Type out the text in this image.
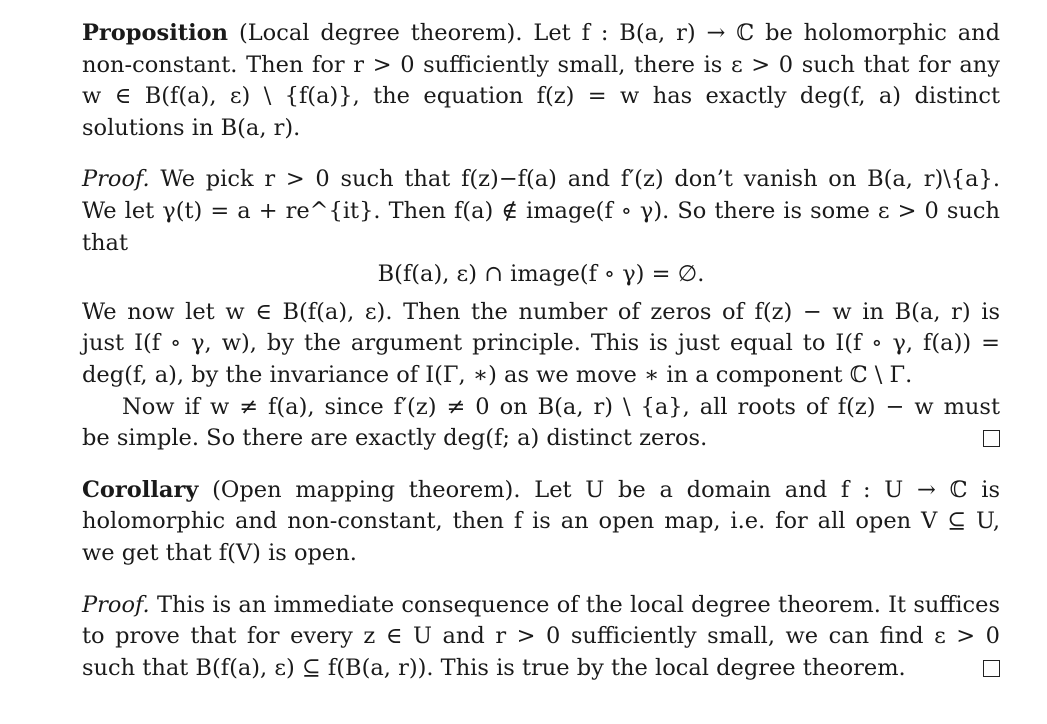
Proposition (Local degree theorem). Let f : B(a, r) → ℂ be holomorphic and
non-constant. Then for r > 0 sufficiently small, there is ε > 0 such that for any
w ∈ B(f(a), ε) \ {f(a)}, the equation f(z) = w has exactly deg(f, a) distinct
solutions in B(a, r).
Proof. We pick r > 0 such that f(z)−f(a) and f′(z) don’t vanish on B(a, r)\{a}.
We let γ(t) = a + re^{it}. Then f(a) ∉ image(f ∘ γ). So there is some ε > 0 such
that
B(f(a), ε) ∩ image(f ∘ γ) = ∅.
We now let w ∈ B(f(a), ε). Then the number of zeros of f(z) − w in B(a, r) is
just I(f ∘ γ, w), by the argument principle. This is just equal to I(f ∘ γ, f(a)) =
deg(f, a), by the invariance of I(Γ, ∗) as we move ∗ in a component ℂ \ Γ.
Now if w ≠ f(a), since f′(z) ≠ 0 on B(a, r) \ {a}, all roots of f(z) − w must
be simple. So there are exactly deg(f; a) distinct zeros.
Corollary (Open mapping theorem). Let U be a domain and f : U → ℂ is
holomorphic and non-constant, then f is an open map, i.e. for all open V ⊆ U,
we get that f(V) is open.
Proof. This is an immediate consequence of the local degree theorem. It suffices
to prove that for every z ∈ U and r > 0 sufficiently small, we can find ε > 0
such that B(f(a), ε) ⊆ f(B(a, r)). This is true by the local degree theorem.
